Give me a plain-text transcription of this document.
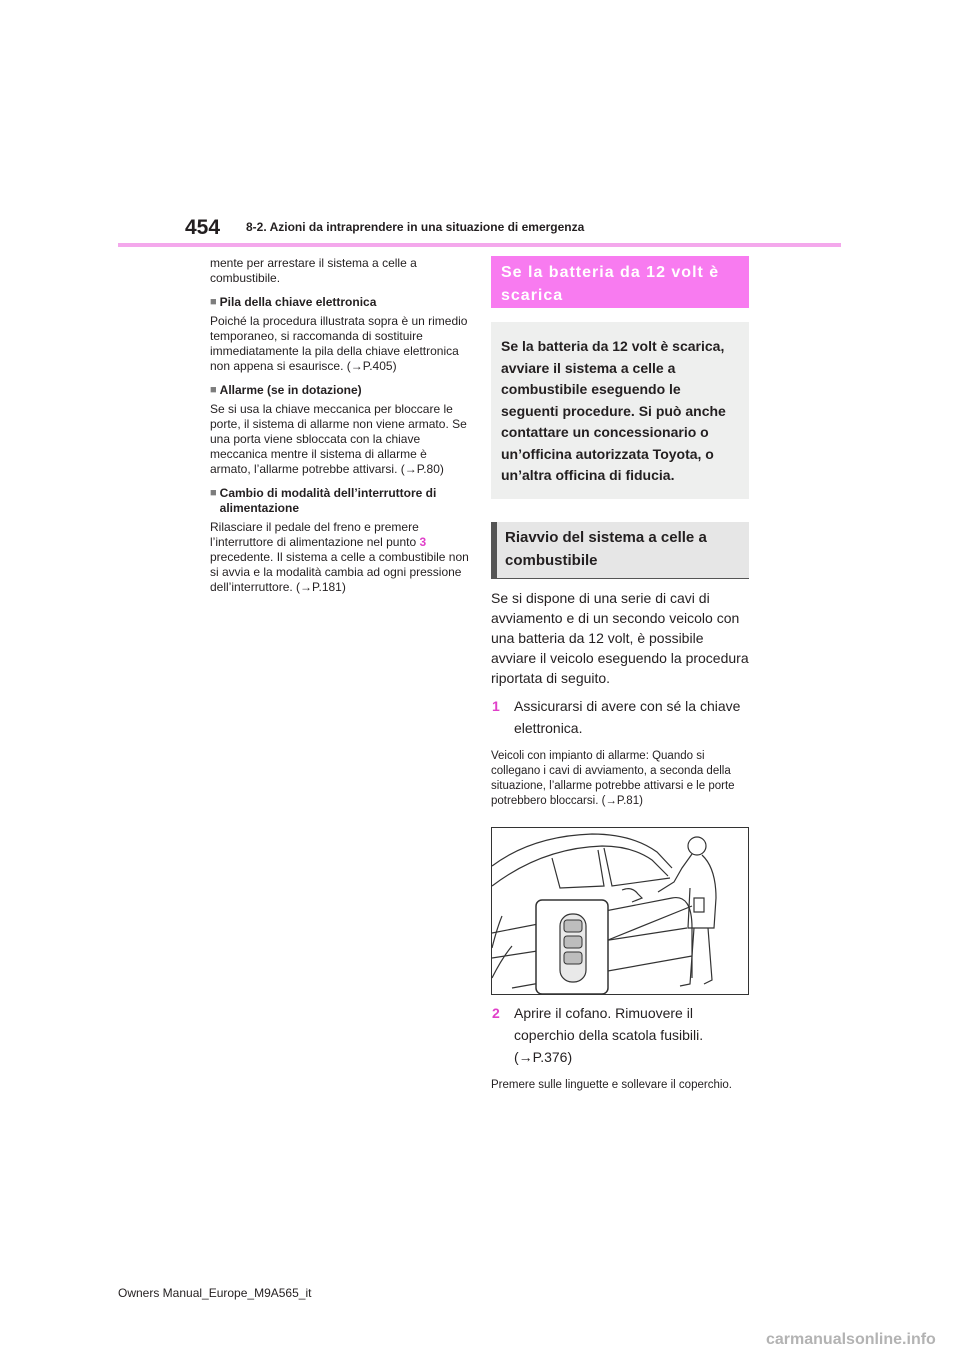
454 8-2. Azioni da intraprendere in una situazione di emergenza

mente per arrestare il sistema a celle a combustibile.

■ Pila della chiave elettronica

Poiché la procedura illustrata sopra è un rimedio temporaneo, si raccomanda di sostituire immediatamente la pila della chiave elettronica non appena si esaurisce. (→P.405)

■ Allarme (se in dotazione)

Se si usa la chiave meccanica per bloccare le porte, il sistema di allarme non viene armato. Se una porta viene sbloccata con la chiave meccanica mentre il sistema di allarme è armato, l’allarme potrebbe attivarsi. (→P.80)

■ Cambio di modalità dell’interruttore di alimentazione

Rilasciare il pedale del freno e premere l’interruttore di alimentazione nel punto 3 precedente. Il sistema a celle a combustibile non si avvia e la modalità cambia ad ogni pressione dell’interruttore. (→P.181)

Se la batteria da 12 volt è scarica
Se la batteria da 12 volt è scarica, avviare il sistema a celle a combustibile eseguendo le seguenti procedure. Si può anche contattare un concessionario o un’officina autorizzata Toyota, o un’altra officina di fiducia.
Riavvio del sistema a celle a combustibile
Se si dispone di una serie di cavi di avviamento e di un secondo veicolo con una batteria da 12 volt, è possibile avviare il veicolo eseguendo la procedura riportata di seguito.
1	Assicurarsi di avere con sé la chiave elettronica.
Veicoli con impianto di allarme: Quando si collegano i cavi di avviamento, a seconda della situazione, l’allarme potrebbe attivarsi e le porte potrebbero bloccarsi. (→P.81)
2	Aprire il cofano. Rimuovere il coperchio della scatola fusibili. (→P.376)
Premere sulle linguette e sollevare il coperchio.
Owners Manual_Europe_M9A565_it
carmanualsonline.info
